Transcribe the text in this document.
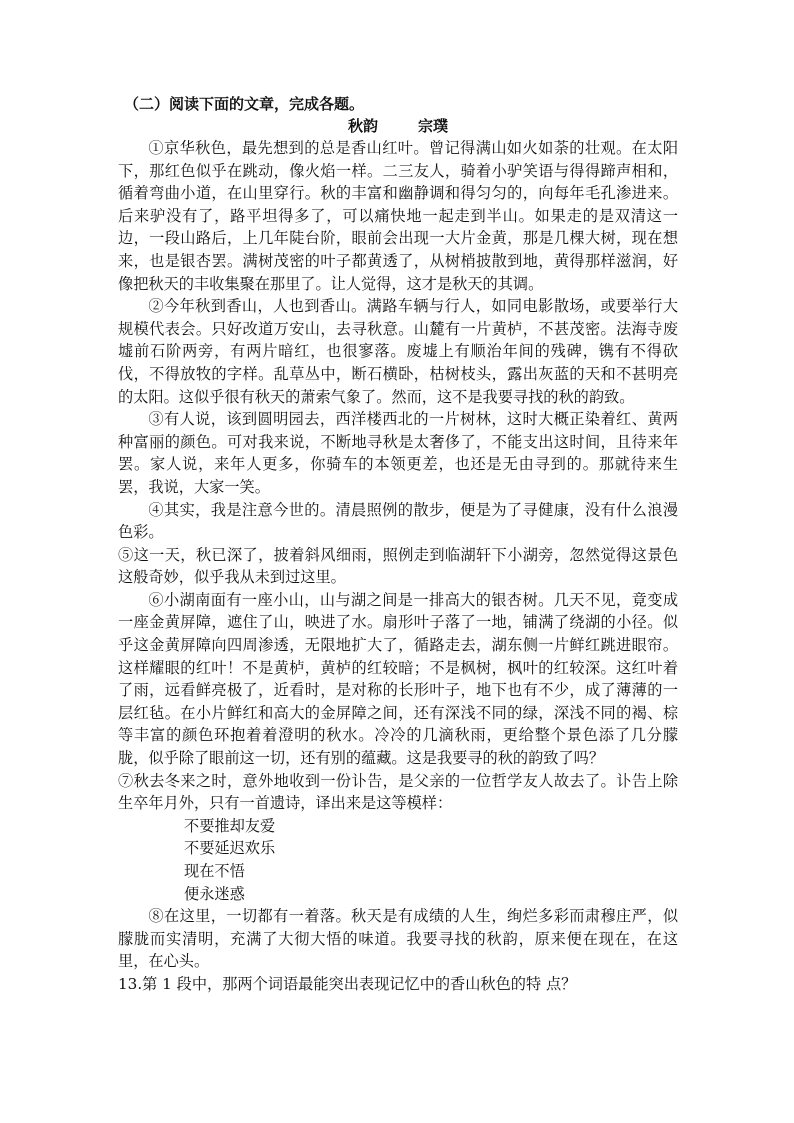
（二）阅读下面的文章，完成各题。

秋韵	宗璞

①京华秋色，最先想到的总是香山红叶。曾记得满山如火如荼的壮观。在太阳下，那红色似乎在跳动，像火焰一样。二三友人，骑着小驴笑语与得得蹄声相和，循着弯曲小道，在山里穿行。秋的丰富和幽静调和得匀匀的，向每年毛孔渗进来。后来驴没有了，路平坦得多了，可以痛快地一起走到半山。如果走的是双清这一边，一段山路后，上几年陡台阶，眼前会出现一大片金黄，那是几棵大树，现在想来，也是银杏罢。满树茂密的叶子都黄透了，从树梢披散到地，黄得那样滋润，好像把秋天的丰收集聚在那里了。让人觉得，这才是秋天的其调。

②今年秋到香山，人也到香山。满路车辆与行人，如同电影散场，或要举行大规模代表会。只好改道万安山，去寻秋意。山麓有一片黄栌，不甚茂密。法海寺废墟前石阶两旁，有两片暗红，也很寥落。废墟上有顺治年间的残碑，镌有不得砍伐，不得放牧的字样。乱草丛中，断石横卧，枯树枝头，露出灰蓝的天和不甚明亮的太阳。这似乎很有秋天的萧索气象了。然而，这不是我要寻找的秋的韵致。

③有人说，该到圆明园去，西洋楼西北的一片树林，这时大概正染着红、黄两种富丽的颜色。可对我来说，不断地寻秋是太奢侈了，不能支出这时间，且待来年罢。家人说，来年人更多，你骑车的本领更差，也还是无由寻到的。那就待来生罢，我说，大家一笑。

④其实，我是注意今世的。清晨照例的散步，便是为了寻健康，没有什么浪漫色彩。

⑤这一天，秋已深了，披着斜风细雨，照例走到临湖轩下小湖旁，忽然觉得这景色这般奇妙，似乎我从未到过这里。

⑥小湖南面有一座小山，山与湖之间是一排高大的银杏树。几天不见，竟变成一座金黄屏障，遮住了山，映进了水。扇形叶子落了一地，铺满了绕湖的小径。似乎这金黄屏障向四周渗透，无限地扩大了，循路走去，湖东侧一片鲜红跳进眼帘。这样耀眼的红叶！不是黄栌，黄栌的红较暗；不是枫树，枫叶的红较深。这红叶着了雨，远看鲜亮极了，近看时，是对称的长形叶子，地下也有不少，成了薄薄的一层红毡。在小片鲜红和高大的金屏障之间，还有深浅不同的绿，深浅不同的褐、棕等丰富的颜色环抱着着澄明的秋水。冷冷的几滴秋雨，更给整个景色添了几分朦胧，似乎除了眼前这一切，还有别的蕴藏。这是我要寻的秋的韵致了吗？

⑦秋去冬来之时，意外地收到一份讣告，是父亲的一位哲学友人故去了。讣告上除生卒年月外，只有一首遗诗，译出来是这等模样：

不要推却友爱

不要延迟欢乐

现在不悟

便永迷惑

⑧在这里，一切都有一着落。秋天是有成绩的人生，绚烂多彩而肃穆庄严，似朦胧而实清明，充满了大彻大悟的味道。我要寻找的秋韵，原来便在现在，在这里，在心头。

13.第 1 段中，那两个词语最能突出表现记忆中的香山秋色的特 点？
